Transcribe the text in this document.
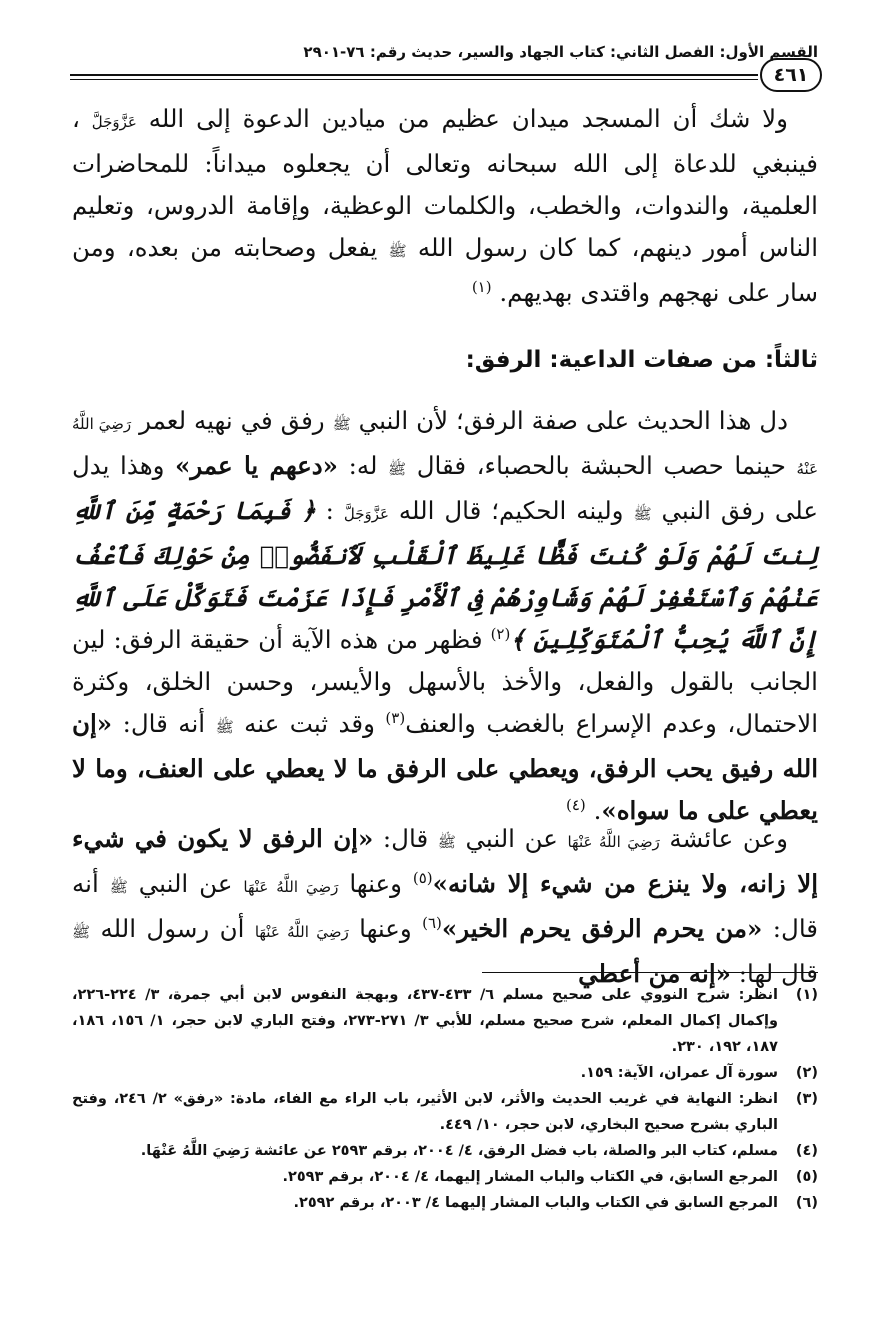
القسم الأول: الفصل الثاني: كتاب الجهاد والسير، حديث رقم: ٧٦-٢٩٠١
٤٦١
ولا شك أن المسجد ميدان عظيم من ميادين الدعوة إلى الله عَزَّوَجَلَّ ، فينبغي للدعاة إلى الله سبحانه وتعالى أن يجعلوه ميداناً: للمحاضرات العلمية، والندوات، والخطب، والكلمات الوعظية، وإقامة الدروس، وتعليم الناس أمور دينهم، كما كان رسول الله ﷺ يفعل وصحابته من بعده، ومن سار على نهجهم واقتدى بهديهم. $^{(١)}$
ثالثاً: من صفات الداعية: الرفق:
دل هذا الحديث على صفة الرفق؛ لأن النبي ﷺ رفق في نهيه لعمر رَضِيَ اللَّهُ عَنْهُ حينما حصب الحبشة بالحصباء، فقال ﷺ له: «دعهم يا عمر» وهذا يدل على رفق النبي ﷺ ولينه الحكيم؛ قال الله عَزَّوَجَلَّ : ﴿ فَبِمَا رَحْمَةٍ مِّنَ ٱللَّهِ لِنتَ لَهُمْ وَلَوْ كُنتَ فَظًّا غَلِيظَ ٱلْقَلْبِ لَٱنفَضُّوا۟ مِنْ حَوْلِكَ فَٱعْفُ عَنْهُمْ وَٱسْتَغْفِرْ لَهُمْ وَشَاوِرْهُمْ فِى ٱلْأَمْرِ فَإِذَا عَزَمْتَ فَتَوَكَّلْ عَلَى ٱللَّهِ إِنَّ ٱللَّهَ يُحِبُّ ٱلْمُتَوَكِّلِينَ ﴾$^{(٢)}$ فظهر من هذه الآية أن حقيقة الرفق: لين الجانب بالقول والفعل، والأخذ بالأسهل والأيسر، وحسن الخلق، وكثرة الاحتمال، وعدم الإسراع بالغضب والعنف$^{(٣)}$ وقد ثبت عنه ﷺ أنه قال: «إن الله رفيق يحب الرفق، ويعطي على الرفق ما لا يعطي على العنف، وما لا يعطي على ما سواه». $^{(٤)}$
وعن عائشة رَضِيَ اللَّهُ عَنْهَا عن النبي ﷺ قال: «إن الرفق لا يكون في شيء إلا زانه، ولا ينزع من شيء إلا شانه»$^{(٥)}$ وعنها رَضِيَ اللَّهُ عَنْهَا عن النبي ﷺ أنه قال: «من يحرم الرفق يحرم الخير»$^{(٦)}$ وعنها رَضِيَ اللَّهُ عَنْهَا أن رسول الله ﷺ قال لها: «إنه من أعطي
(١)
انظر: شرح النووي على صحيح مسلم ٦/ ٤٣٣-٤٣٧، وبهجة النفوس لابن أبي جمرة، ٣/ ٢٢٤-٢٢٦، وإكمال إكمال المعلم، شرح صحيح مسلم، للأبي ٣/ ٢٧١-٢٧٣، وفتح الباري لابن حجر، ١/ ١٥٦، ١٨٦، ١٨٧، ١٩٢، ٢٣٠.
(٢)
سورة آل عمران، الآية: ١٥٩.
(٣)
انظر: النهاية في غريب الحديث والأثر، لابن الأثير، باب الراء مع الفاء، مادة: «رفق» ٢/ ٢٤٦، وفتح الباري بشرح صحيح البخاري، لابن حجر، ١٠/ ٤٤٩.
(٤)
مسلم، كتاب البر والصلة، باب فضل الرفق، ٤/ ٢٠٠٤، برقم ٢٥٩٣ عن عائشة رَضِيَ اللَّهُ عَنْهَا.
(٥)
المرجع السابق، في الكتاب والباب المشار إليهما، ٤/ ٢٠٠٤، برقم ٢٥٩٣.
(٦)
المرجع السابق في الكتاب والباب المشار إليهما ٤/ ٢٠٠٣، برقم ٢٥٩٢.
